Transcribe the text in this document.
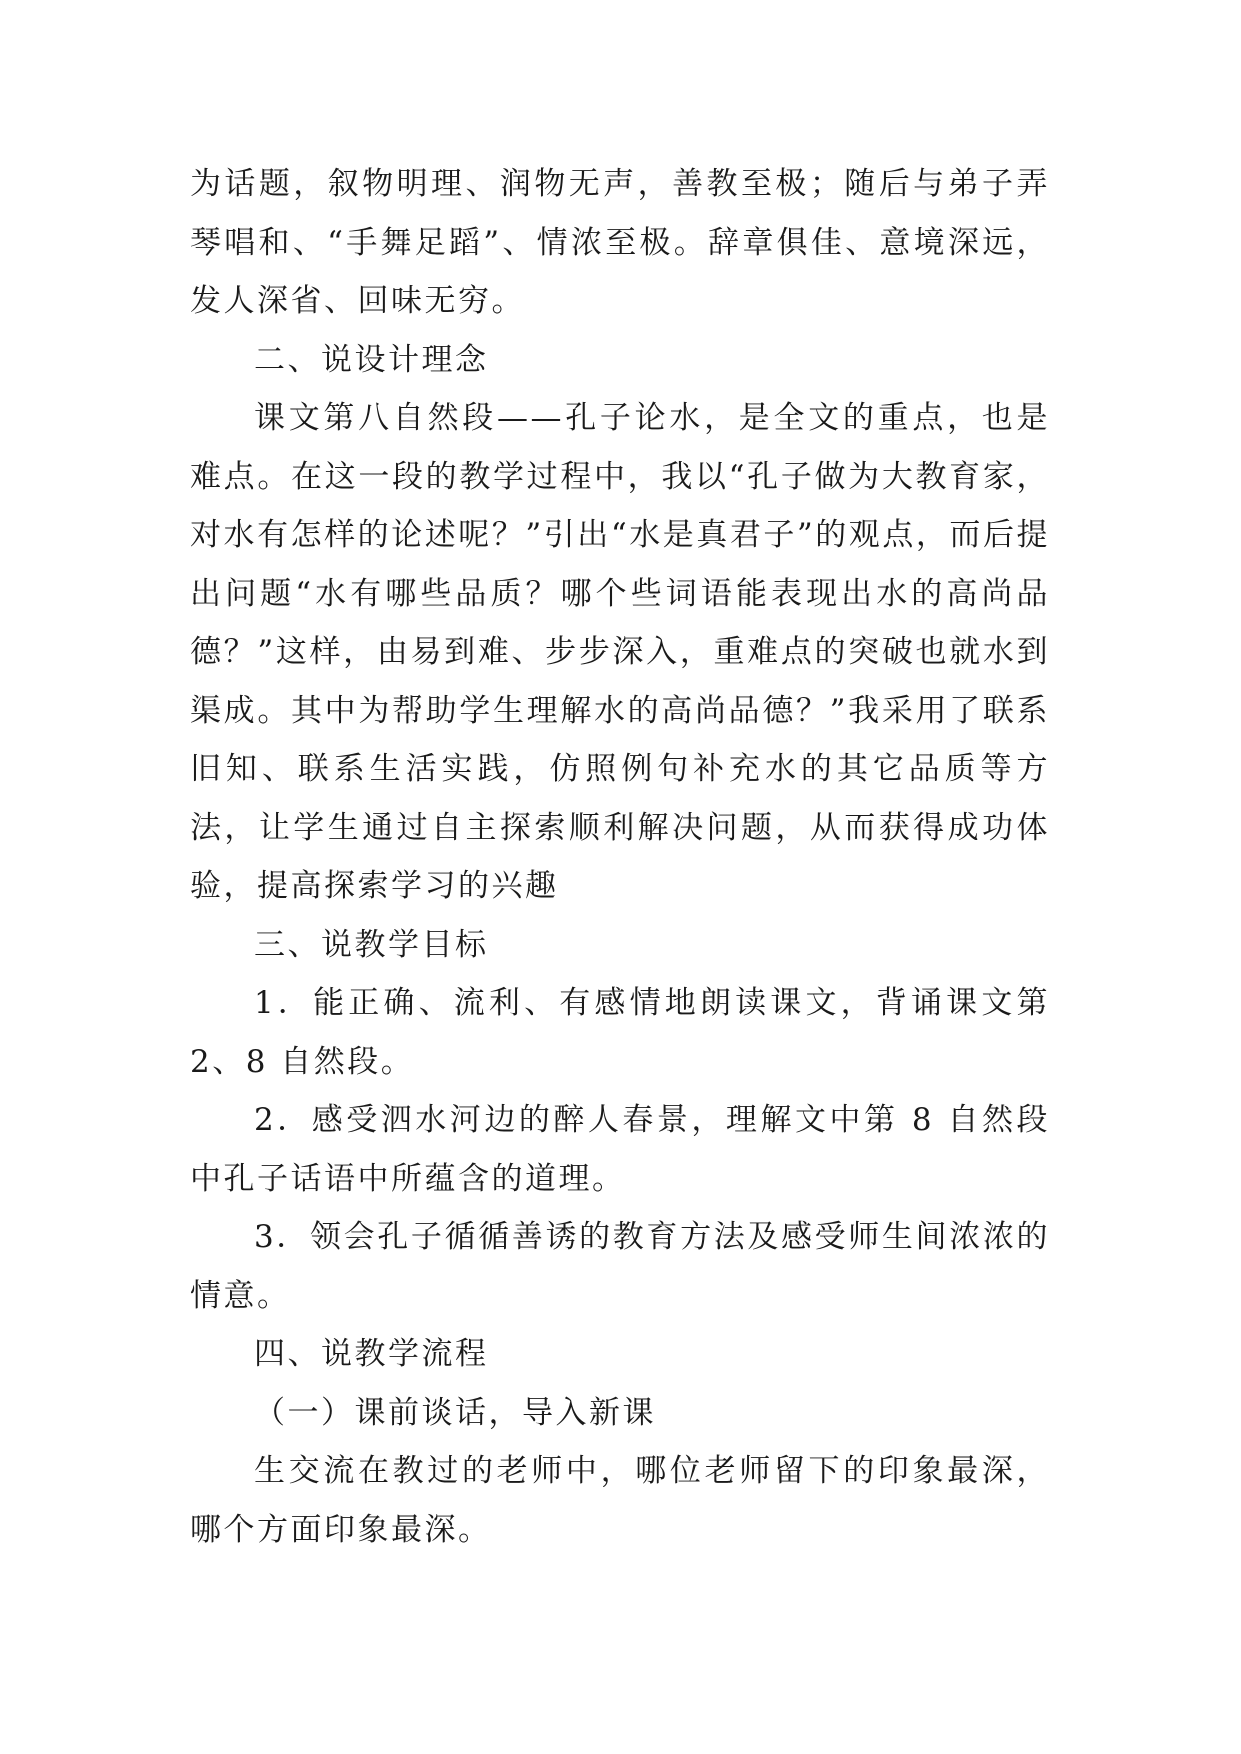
为话题，叙物明理、润物无声，善教至极；随后与弟子弄琴唱和、“手舞足蹈”、情浓至极。辞章俱佳、意境深远，发人深省、回味无穷。

二、说设计理念

课文第八自然段——孔子论水，是全文的重点，也是难点。在这一段的教学过程中，我以“孔子做为大教育家，对水有怎样的论述呢？”引出“水是真君子”的观点，而后提出问题“水有哪些品质？哪个些词语能表现出水的高尚品德？”这样，由易到难、步步深入，重难点的突破也就水到渠成。其中为帮助学生理解水的高尚品德？”我采用了联系旧知、联系生活实践，仿照例句补充水的其它品质等方法，让学生通过自主探索顺利解决问题，从而获得成功体验，提高探索学习的兴趣

三、说教学目标

1．能正确、流利、有感情地朗读课文，背诵课文第 2、8 自然段。

2．感受泗水河边的醉人春景，理解文中第 8 自然段中孔子话语中所蕴含的道理。

3．领会孔子循循善诱的教育方法及感受师生间浓浓的情意。

四、说教学流程

（一）课前谈话，导入新课

生交流在教过的老师中，哪位老师留下的印象最深，哪个方面印象最深。
